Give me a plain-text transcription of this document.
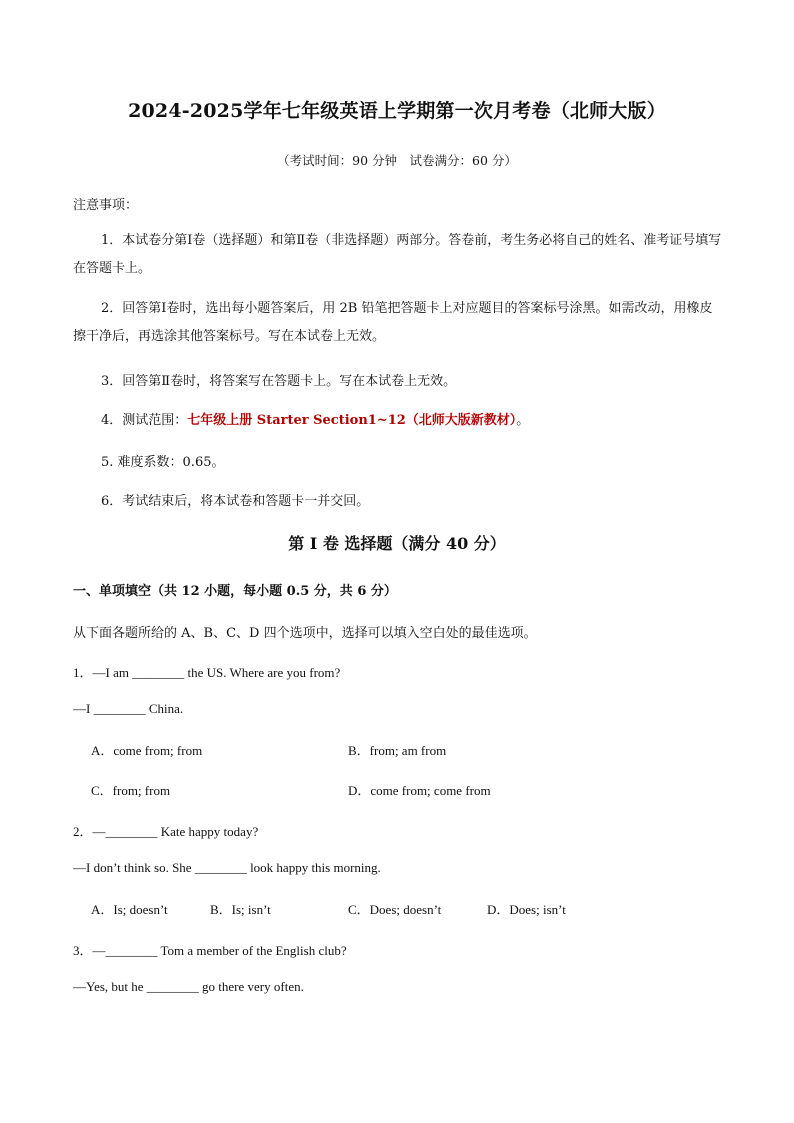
2024-2025学年七年级英语上学期第一次月考卷（北师大版）
（考试时间：90 分钟　试卷满分：60 分）
注意事项：
1．本试卷分第Ⅰ卷（选择题）和第Ⅱ卷（非选择题）两部分。答卷前，考生务必将自己的姓名、准考证号填写在答题卡上。
2．回答第Ⅰ卷时，选出每小题答案后，用 2B 铅笔把答题卡上对应题目的答案标号涂黑。如需改动，用橡皮擦干净后，再选涂其他答案标号。写在本试卷上无效。
3．回答第Ⅱ卷时，将答案写在答题卡上。写在本试卷上无效。
4．测试范围：七年级上册 Starter Section1~12（北师大版新教材）。
5. 难度系数：0.65。
6．考试结束后，将本试卷和答题卡一并交回。
第 I 卷 选择题（满分 40 分）
一、单项填空（共 12 小题，每小题 0.5 分，共 6 分）
从下面各题所给的 A、B、C、D 四个选项中，选择可以填入空白处的最佳选项。
1．—I am ________ the US. Where are you from?
—I ________ China.
A．come from; from	B．from; am from
C．from; from	D．come from; come from
2．—________ Kate happy today?
—I don’t think so. She ________ look happy this morning.
A．Is; doesn’t	B．Is; isn’t	C．Does; doesn’t	D．Does; isn’t
3．—________ Tom a member of the English club?
—Yes, but he ________ go there very often.
